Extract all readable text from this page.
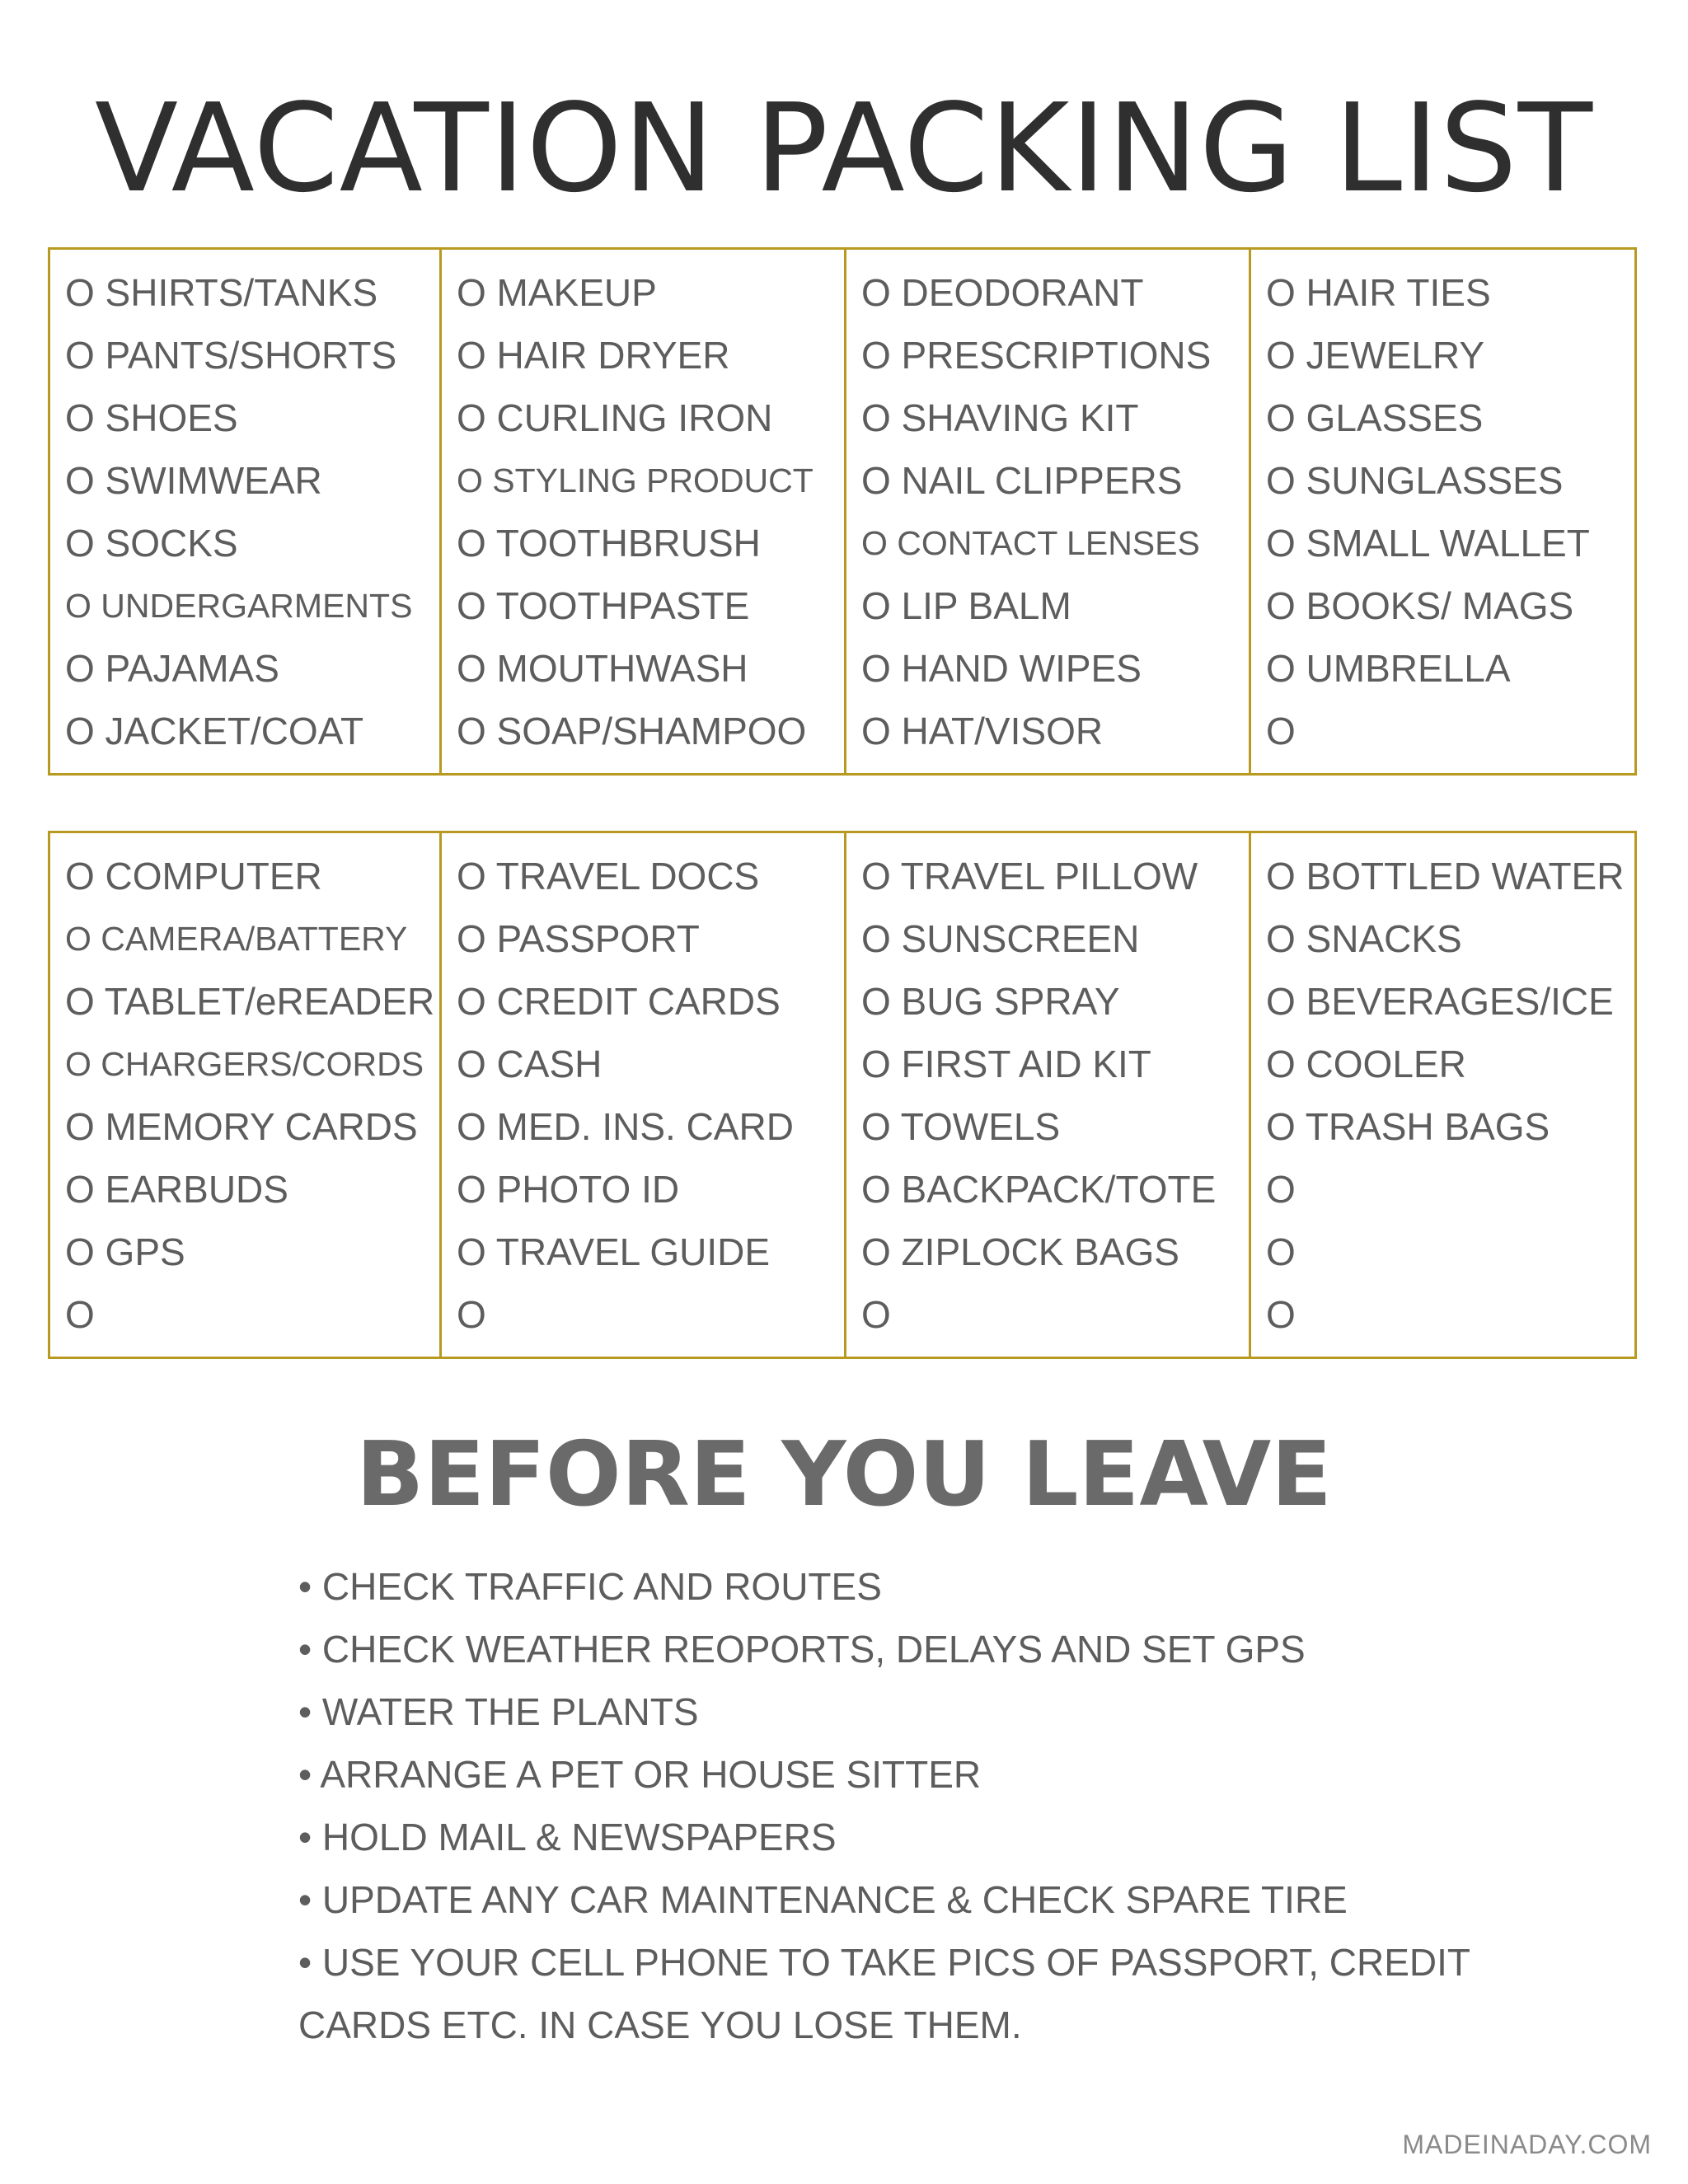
VACATION PACKING LIST
O SHIRTS/TANKS
O PANTS/SHORTS
O SHOES
O SWIMWEAR
O SOCKS
O UNDERGARMENTS
O PAJAMAS
O JACKET/COAT
O MAKEUP
O HAIR DRYER
O CURLING IRON
O STYLING PRODUCT
O TOOTHBRUSH
O TOOTHPASTE
O MOUTHWASH
O SOAP/SHAMPOO
O DEODORANT
O PRESCRIPTIONS
O SHAVING KIT
O NAIL CLIPPERS
O CONTACT LENSES
O LIP BALM
O HAND WIPES
O HAT/VISOR
O HAIR TIES
O JEWELRY
O GLASSES
O SUNGLASSES
O SMALL WALLET
O BOOKS/ MAGS
O UMBRELLA
O
O COMPUTER
O CAMERA/BATTERY
O TABLET/eREADER
O CHARGERS/CORDS
O MEMORY CARDS
O EARBUDS
O GPS
O
O TRAVEL DOCS
O PASSPORT
O CREDIT CARDS
O CASH
O MED. INS. CARD
O PHOTO ID
O TRAVEL GUIDE
O
O TRAVEL PILLOW
O SUNSCREEN
O BUG SPRAY
O FIRST AID KIT
O TOWELS
O BACKPACK/TOTE
O ZIPLOCK BAGS
O
O BOTTLED WATER
O SNACKS
O BEVERAGES/ICE
O COOLER
O TRASH BAGS
O
O
O
BEFORE YOU LEAVE
• CHECK TRAFFIC AND ROUTES
• CHECK WEATHER REOPORTS, DELAYS AND SET GPS
• WATER THE PLANTS
• ARRANGE A PET OR HOUSE SITTER
• HOLD MAIL & NEWSPAPERS
• UPDATE ANY CAR MAINTENANCE & CHECK SPARE TIRE
• USE YOUR CELL PHONE TO TAKE PICS OF PASSPORT, CREDIT CARDS ETC. IN CASE YOU LOSE THEM.
MADEINADAY.COM
